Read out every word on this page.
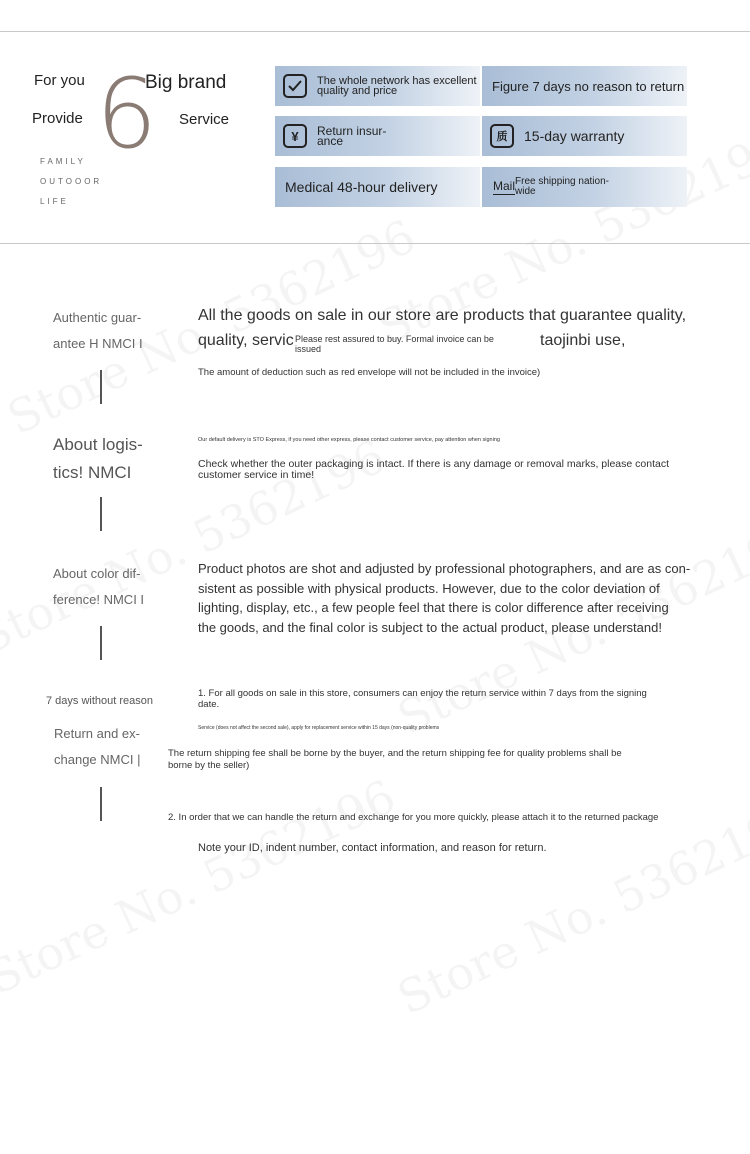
For you	Big brand
Provide	Service
6
FAMILY
OUTOOOR
LIFE
The whole network has excellent
quality and price	Figure 7 days no reason to return
¥	Return insur-
ance	质	15-day warranty
Medical 48-hour delivery	Mail Free shipping nation-
wide
Authentic guar-
antee H NMCI I
All the goods on sale in our store are products that guarantee quality,
quality, servic Please rest assured to buy. Formal invoice can be
issued	taojinbi use,
The amount of deduction such as red envelope will not be included in the invoice)
About logis-
tics! NMCI
Our default delivery is STO Express, if you need other express, please contact customer service, pay attention when signing
Check whether the outer packaging is intact. If there is any damage or removal marks, please contact
customer service in time!
About color dif-
ference! NMCI I
Product photos are shot and adjusted by professional photographers, and are as con-
sistent as possible with physical products. However, due to the color deviation of
lighting, display, etc., a few people feel that there is color difference after receiving
the goods, and the final color is subject to the actual product, please understand!
7 days without reason
Return and ex-
change NMCI |
1. For all goods on sale in this store, consumers can enjoy the return service within 7 days from the signing
date.
Service (does not affect the second sale), apply for replacement service within 15 days (non-quality problems
The return shipping fee shall be borne by the buyer, and the return shipping fee for quality problems shall be
borne by the seller)
2. In order that we can handle the return and exchange for you more quickly, please attach it to the returned package
Note your ID, indent number, contact information, and reason for return.
